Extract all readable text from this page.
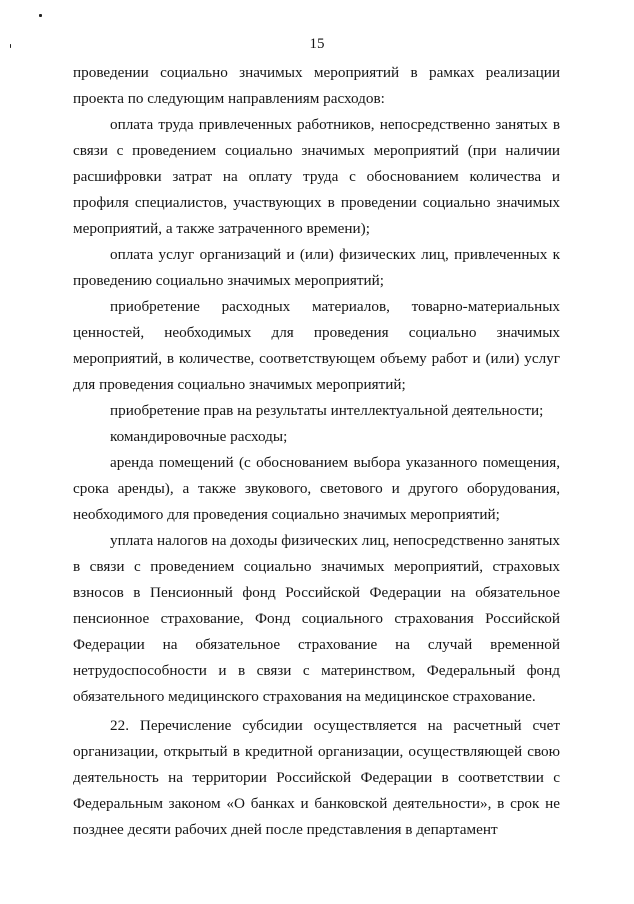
15

проведении социально значимых мероприятий в рамках реализации проекта по следующим направлениям расходов:

оплата труда привлеченных работников, непосредственно занятых в связи с проведением социально значимых мероприятий (при наличии расшифровки затрат на оплату труда с обоснованием количества и профиля специалистов, участвующих в проведении социально значимых мероприятий, а также затраченного времени);

оплата услуг организаций и (или) физических лиц, привлеченных к проведению социально значимых мероприятий;

приобретение расходных материалов, товарно-материальных ценностей, необходимых для проведения социально значимых мероприятий, в количестве, соответствующем объему работ и (или) услуг для проведения социально значимых мероприятий;

приобретение прав на результаты интеллектуальной деятельности;

командировочные расходы;

аренда помещений (с обоснованием выбора указанного помещения, срока аренды), а также звукового, светового и другого оборудования, необходимого для проведения социально значимых мероприятий;

уплата налогов на доходы физических лиц, непосредственно занятых в связи с проведением социально значимых мероприятий, страховых взносов в Пенсионный фонд Российской Федерации на обязательное пенсионное страхование, Фонд социального страхования Российской Федерации на обязательное страхование на случай временной нетрудоспособности и в связи с материнством, Федеральный фонд обязательного медицинского страхования на медицинское страхование.

22. Перечисление субсидии осуществляется на расчетный счет организации, открытый в кредитной организации, осуществляющей свою деятельность на территории Российской Федерации в соответствии с Федеральным законом «О банках и банковской деятельности», в срок не позднее десяти рабочих дней после представления в департамент
